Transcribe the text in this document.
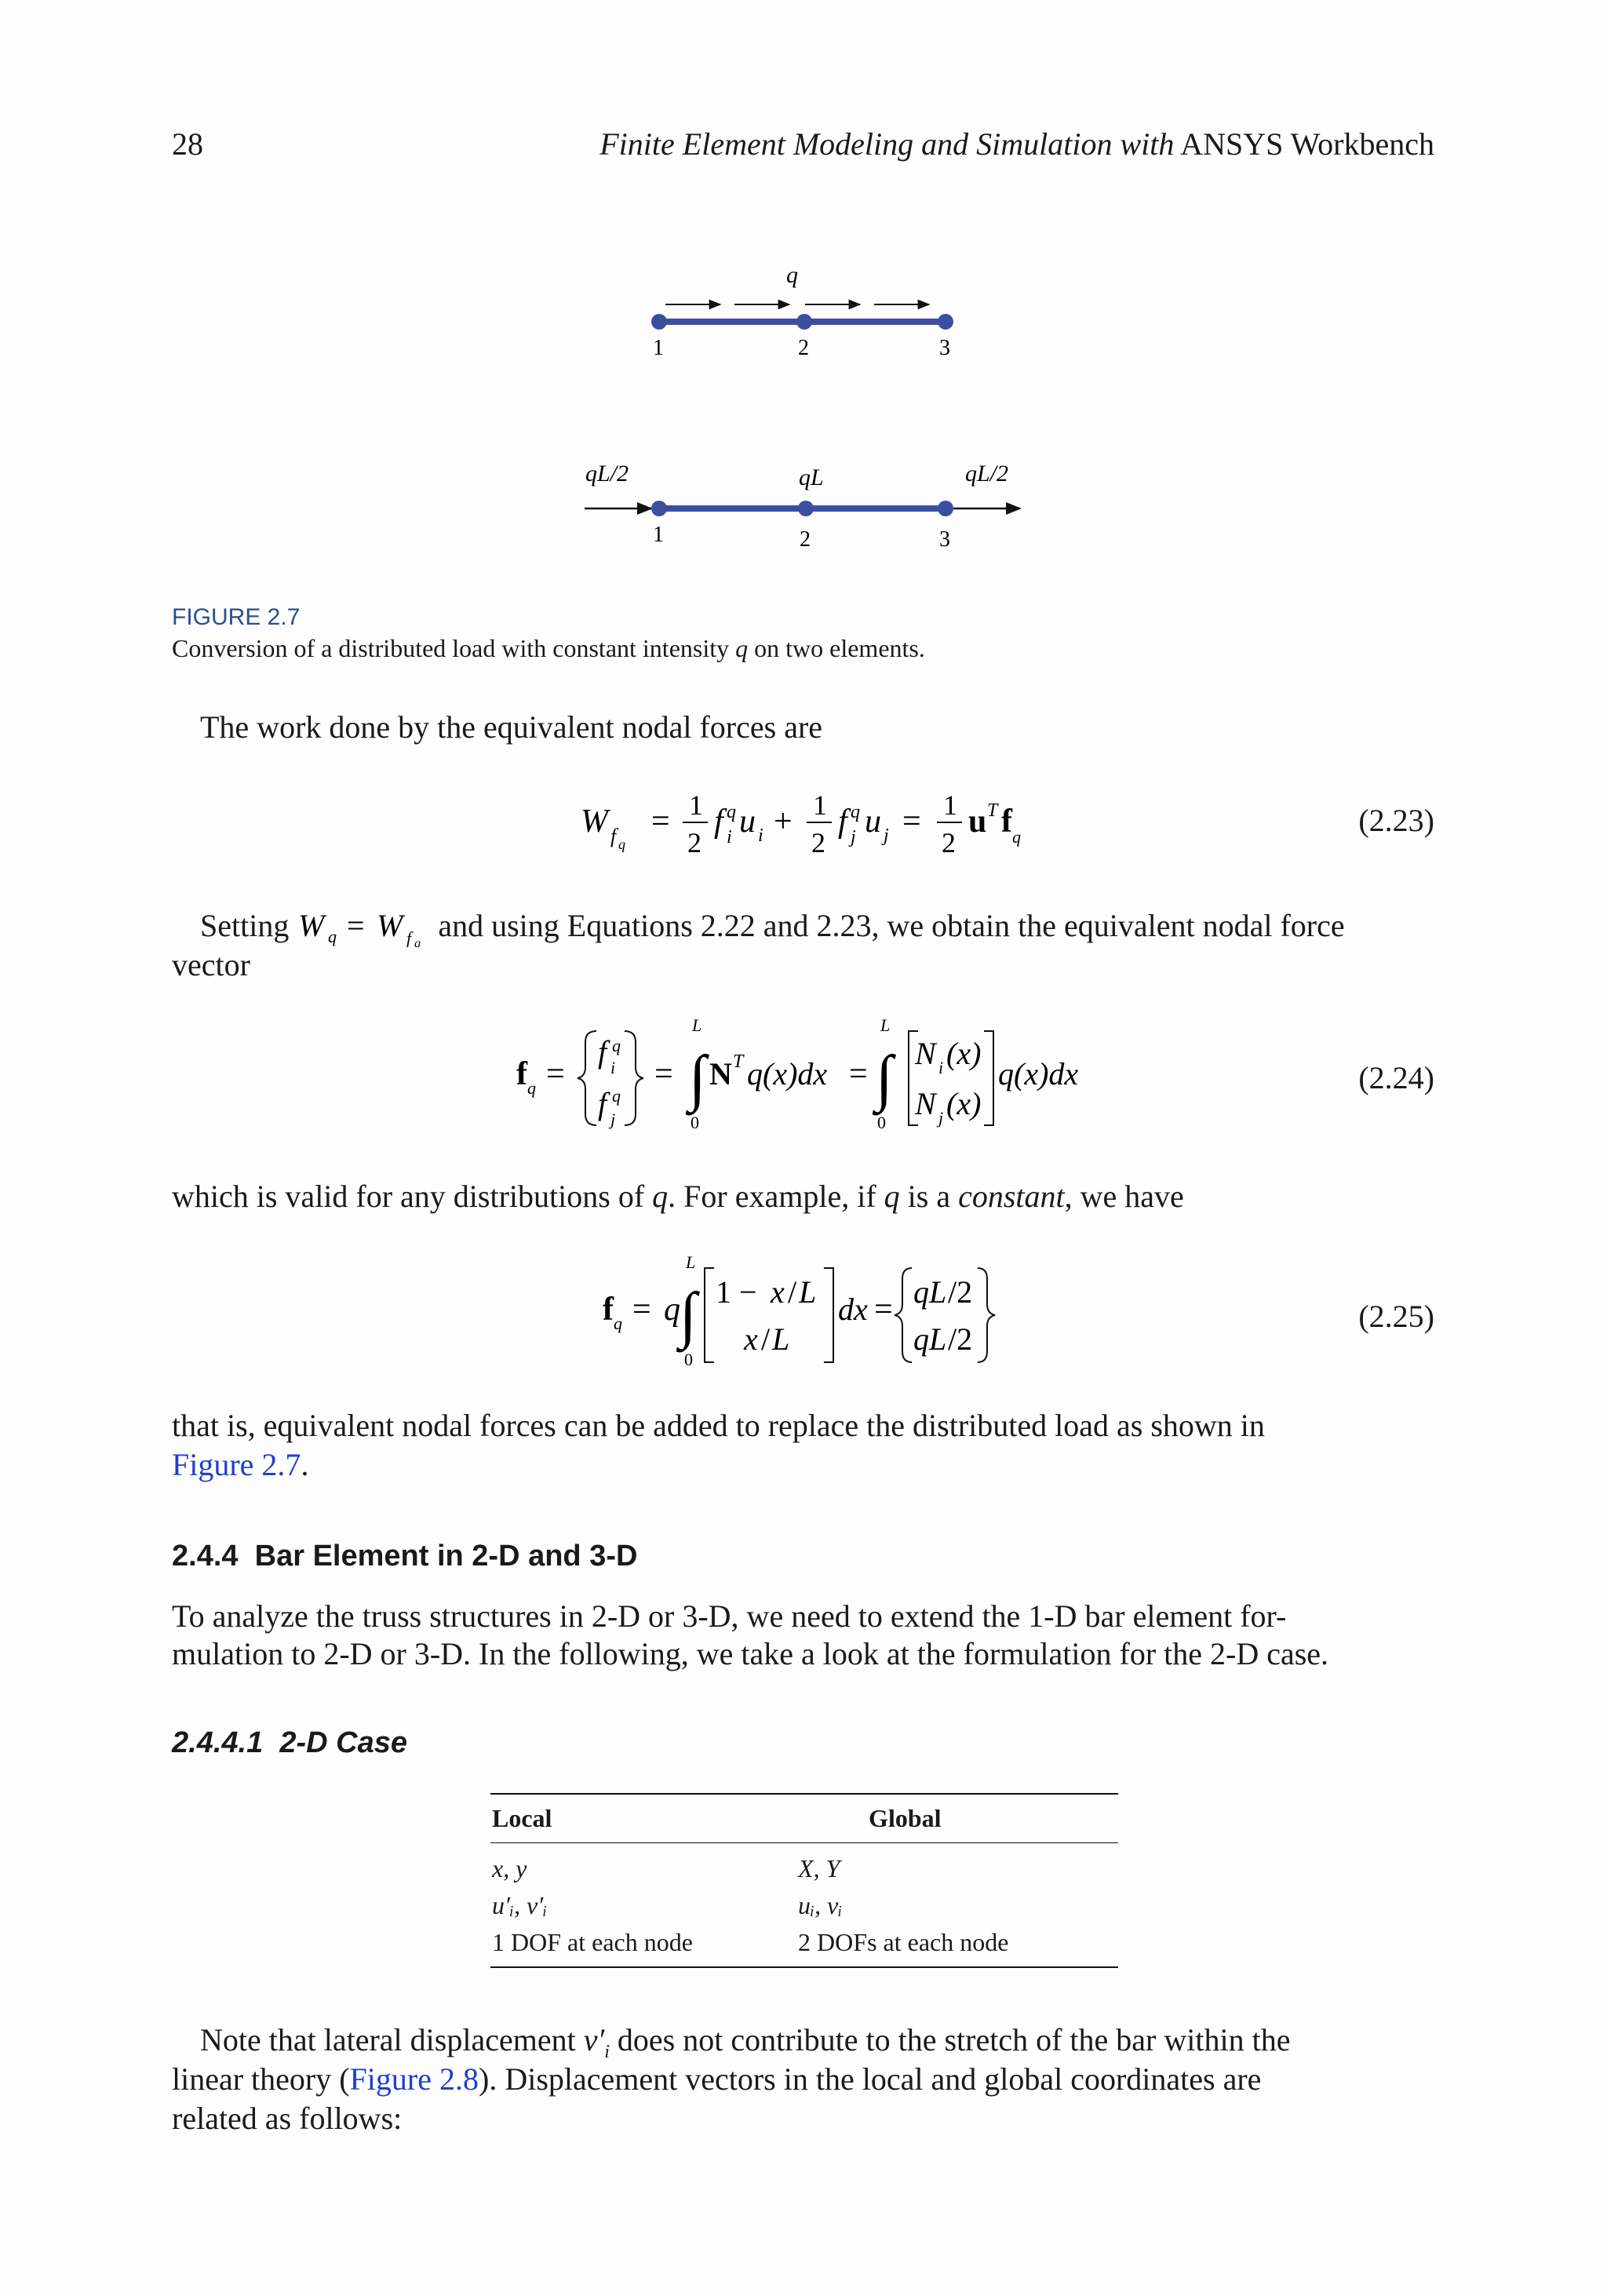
28	Finite Element Modeling and Simulation with ANSYS Workbench
q
1	2	3
qL/2	qL	qL/2
1	2	3
FIGURE 2.7
Conversion of a distributed load with constant intensity q on two elements.
The work done by the equivalent nodal forces are
W f q
= 1
2
f i
q u i + 1
2
f j
q u j = 1
2
u T f q	(2.23)
Setting W q = W f q
and using Equations 2.22 and 2.23, we obtain the equivalent nodal force
vector
f q =
f i
q
f j
q
=
L
∫
0
N T q(x)dx =
L
∫
0
N i (x)
N j (x)
q(x)dx	(2.24)
which is valid for any distributions of q. For example, if q is a constant, we have
f q = q
L
∫
0
1 − x / L
x / L
dx = qL /2
qL /2
(2.25)
that is, equivalent nodal forces can be added to replace the distributed load as shown in
Figure 2.7.
2.4.4 Bar Element in 2-D and 3-D
To analyze the truss structures in 2-D or 3-D, we need to extend the 1-D bar element for-
mulation to 2-D or 3-D. In the following, we take a look at the formulation for the 2-D case.
2.4.4.1 2-D Case
Local	Global
x, y	X, Y
u′ᵢ, v′ᵢ	uᵢ, vᵢ
1 DOF at each node	2 DOFs at each node
Note that lateral displacement $v'_i$ does not contribute to the stretch of the bar within the
linear theory (Figure 2.8). Displacement vectors in the local and global coordinates are
related as follows:
